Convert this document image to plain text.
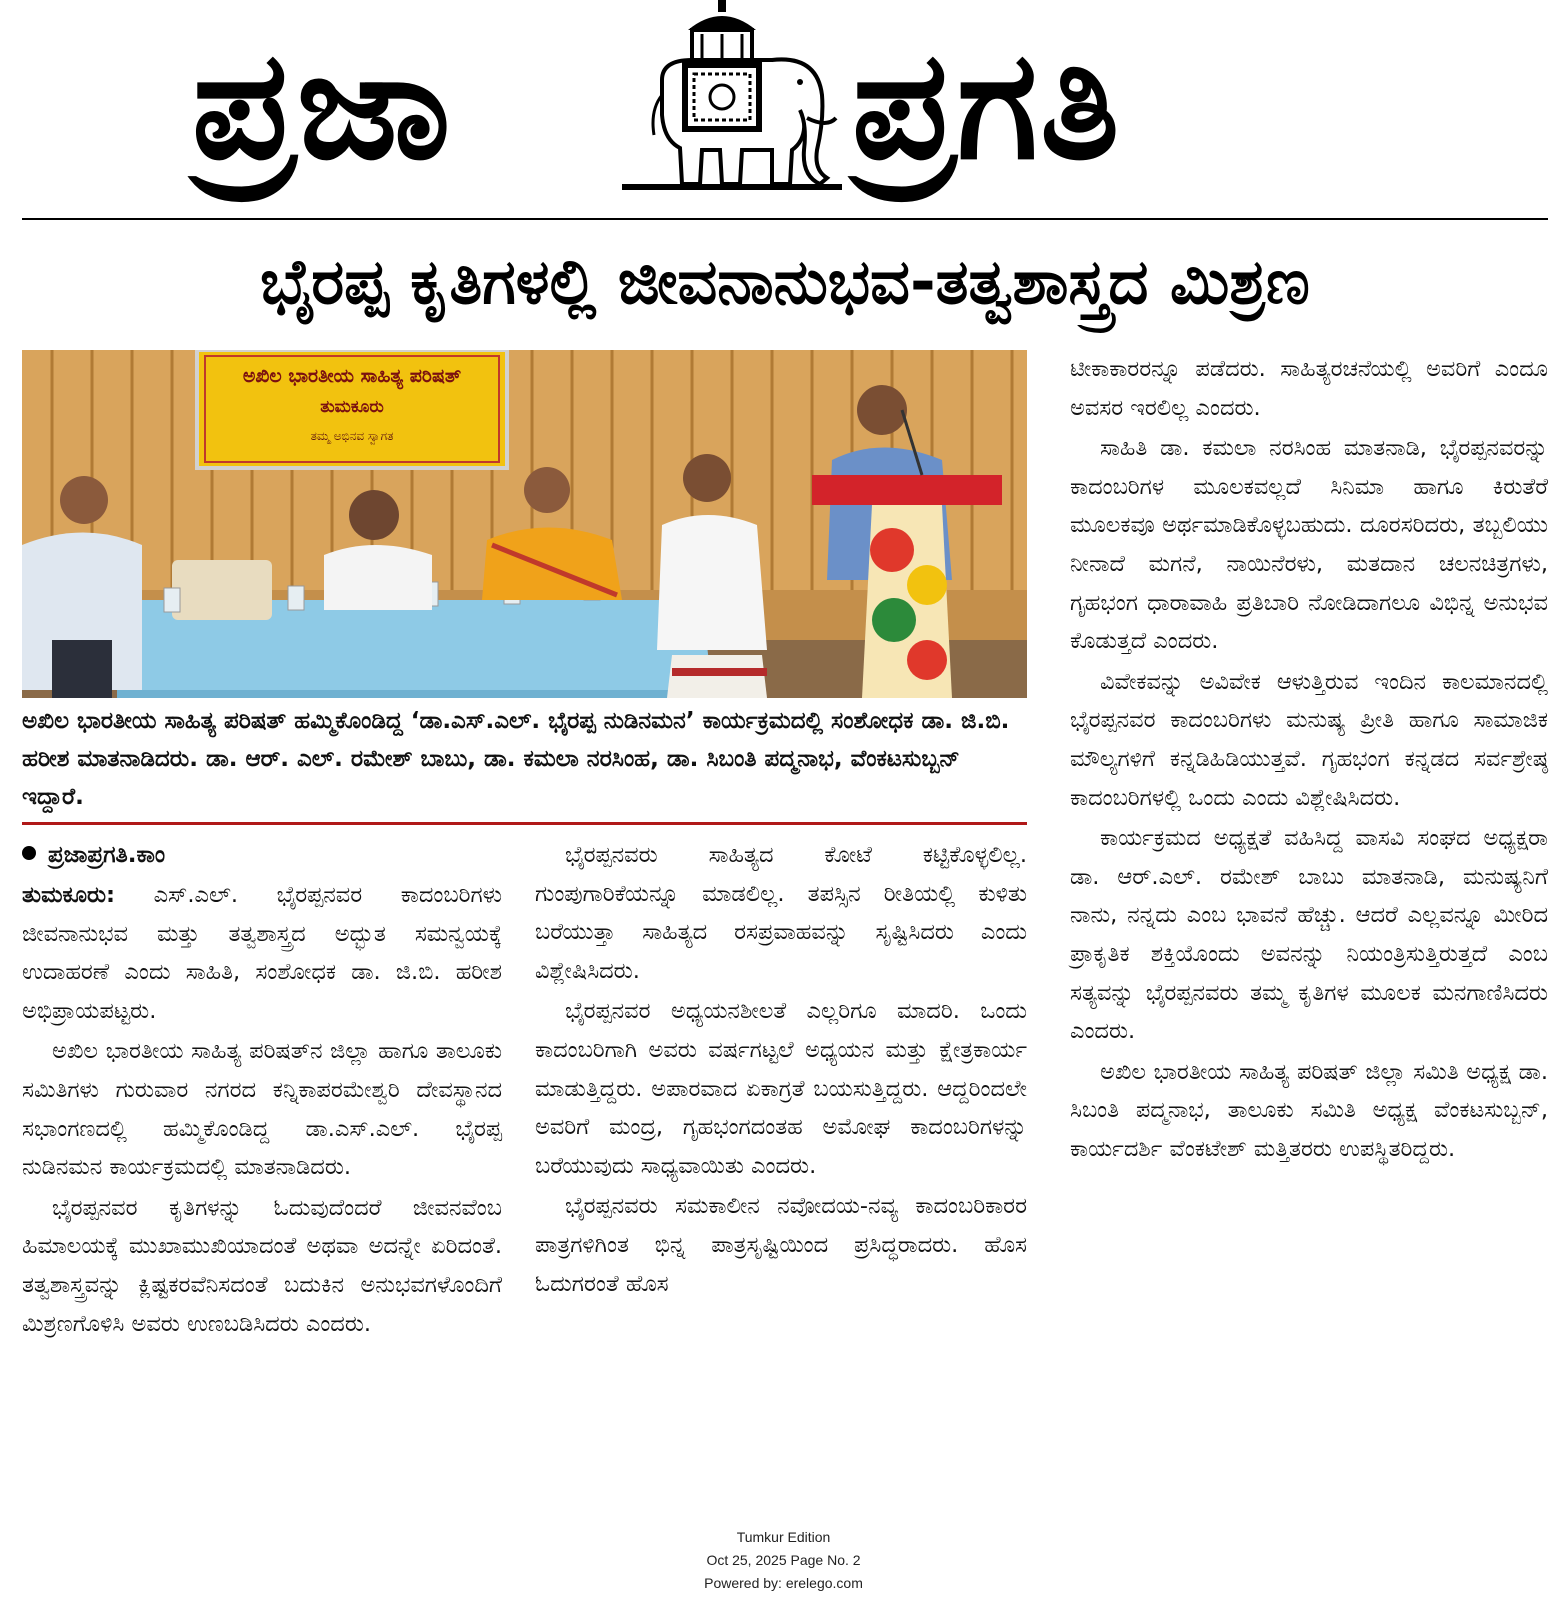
ಪ್ರಜಾ	ಪ್ರಗತಿ
ಭೈರಪ್ಪ ಕೃತಿಗಳಲ್ಲಿ ಜೀವನಾನುಭವ-ತತ್ವಶಾಸ್ತ್ರದ ಮಿಶ್ರಣ
ಅಖಿಲ ಭಾರತೀಯ ಸಾಹಿತ್ಯ ಪರಿಷತ್
ತುಮಕೂರು
ತಮ್ಮ ಅಭಿನವ ಸ್ವಾಗತ
ಅಖಿಲ ಭಾರತೀಯ ಸಾಹಿತ್ಯ ಪರಿಷತ್ ಹಮ್ಮಿಕೊಂಡಿದ್ದ ‘ಡಾ.ಎಸ್.ಎಲ್. ಭೈರಪ್ಪ ನುಡಿನಮನ’ ಕಾರ್ಯಕ್ರಮದಲ್ಲಿ ಸಂಶೋಧಕ ಡಾ. ಜಿ.ಬಿ. ಹರೀಶ ಮಾತನಾಡಿದರು. ಡಾ. ಆರ್. ಎಲ್. ರಮೇಶ್ ಬಾಬು, ಡಾ. ಕಮಲಾ ನರಸಿಂಹ, ಡಾ. ಸಿಬಂತಿ ಪದ್ಮನಾಭ, ವೆಂಕಟಸುಬ್ಬನ್ ಇದ್ದಾರೆ.
ಪ್ರಜಾಪ್ರಗತಿ.ಕಾಂ

ತುಮಕೂರು: ಎಸ್.ಎಲ್. ಭೈರಪ್ಪನವರ ಕಾದಂಬರಿಗಳು ಜೀವನಾನುಭವ ಮತ್ತು ತತ್ವಶಾಸ್ತ್ರದ ಅದ್ಭುತ ಸಮನ್ವಯಕ್ಕೆ ಉದಾಹರಣೆ ಎಂದು ಸಾಹಿತಿ, ಸಂಶೋಧಕ ಡಾ. ಜಿ.ಬಿ. ಹರೀಶ ಅಭಿಪ್ರಾಯಪಟ್ಟರು.

ಅಖಿಲ ಭಾರತೀಯ ಸಾಹಿತ್ಯ ಪರಿಷತ್‌ನ ಜಿಲ್ಲಾ ಹಾಗೂ ತಾಲೂಕು ಸಮಿತಿಗಳು ಗುರುವಾರ ನಗರದ ಕನ್ನಿಕಾಪರಮೇಶ್ವರಿ ದೇವಸ್ಥಾನದ ಸಭಾಂಗಣದಲ್ಲಿ ಹಮ್ಮಿಕೊಂಡಿದ್ದ ಡಾ.ಎಸ್.ಎಲ್. ಭೈರಪ್ಪ ನುಡಿನಮನ ಕಾರ್ಯಕ್ರಮದಲ್ಲಿ ಮಾತನಾಡಿದರು.

ಭೈರಪ್ಪನವರ ಕೃತಿಗಳನ್ನು ಓದುವುದೆಂದರೆ ಜೀವನವೆಂಬ ಹಿಮಾಲಯಕ್ಕೆ ಮುಖಾಮುಖಿಯಾದಂತೆ ಅಥವಾ ಅದನ್ನೇ ಏರಿದಂತೆ. ತತ್ವಶಾಸ್ತ್ರವನ್ನು ಕ್ಲಿಷ್ಟಕರವೆನಿಸದಂತೆ ಬದುಕಿನ ಅನುಭವಗಳೊಂದಿಗೆ ಮಿಶ್ರಣಗೊಳಿಸಿ ಅವರು ಉಣಬಡಿಸಿದರು ಎಂದರು.

ಭೈರಪ್ಪನವರು ಸಾಹಿತ್ಯದ ಕೋಟೆ ಕಟ್ಟಿಕೊಳ್ಳಲಿಲ್ಲ. ಗುಂಪುಗಾರಿಕೆಯನ್ನೂ ಮಾಡಲಿಲ್ಲ. ತಪಸ್ಸಿನ ರೀತಿಯಲ್ಲಿ ಕುಳಿತು ಬರೆಯುತ್ತಾ ಸಾಹಿತ್ಯದ ರಸಪ್ರವಾಹವನ್ನು ಸೃಷ್ಟಿಸಿದರು ಎಂದು ವಿಶ್ಲೇಷಿಸಿದರು.

ಭೈರಪ್ಪನವರ ಅಧ್ಯಯನಶೀಲತೆ ಎಲ್ಲರಿಗೂ ಮಾದರಿ. ಒಂದು ಕಾದಂಬರಿಗಾಗಿ ಅವರು ವರ್ಷಗಟ್ಟಲೆ ಅಧ್ಯಯನ ಮತ್ತು ಕ್ಷೇತ್ರಕಾರ್ಯ ಮಾಡುತ್ತಿದ್ದರು. ಅಪಾರವಾದ ಏಕಾಗ್ರತೆ ಬಯಸುತ್ತಿದ್ದರು. ಆದ್ದರಿಂದಲೇ ಅವರಿಗೆ ಮಂದ್ರ, ಗೃಹಭಂಗದಂತಹ ಅಮೋಘ ಕಾದಂಬರಿಗಳನ್ನು ಬರೆಯುವುದು ಸಾಧ್ಯವಾಯಿತು ಎಂದರು.

ಭೈರಪ್ಪನವರು ಸಮಕಾಲೀನ ನವೋದಯ-ನವ್ಯ ಕಾದಂಬರಿಕಾರರ ಪಾತ್ರಗಳಿಗಿಂತ ಭಿನ್ನ ಪಾತ್ರಸೃಷ್ಟಿಯಿಂದ ಪ್ರಸಿದ್ಧರಾದರು. ಹೊಸ ಓದುಗರಂತೆ ಹೊಸ

ಟೀಕಾಕಾರರನ್ನೂ ಪಡೆದರು. ಸಾಹಿತ್ಯರಚನೆಯಲ್ಲಿ ಅವರಿಗೆ ಎಂದೂ ಅವಸರ ಇರಲಿಲ್ಲ ಎಂದರು.

ಸಾಹಿತಿ ಡಾ. ಕಮಲಾ ನರಸಿಂಹ ಮಾತನಾಡಿ, ಭೈರಪ್ಪನವರನ್ನು ಕಾದಂಬರಿಗಳ ಮೂಲಕವಲ್ಲದೆ ಸಿನಿಮಾ ಹಾಗೂ ಕಿರುತೆರೆ ಮೂಲಕವೂ ಅರ್ಥಮಾಡಿಕೊಳ್ಳಬಹುದು. ದೂರಸರಿದರು, ತಬ್ಬಲಿಯು ನೀನಾದೆ ಮಗನೆ, ನಾಯಿನೆರಳು, ಮತದಾನ ಚಲನಚಿತ್ರಗಳು, ಗೃಹಭಂಗ ಧಾರಾವಾಹಿ ಪ್ರತಿಬಾರಿ ನೋಡಿದಾಗಲೂ ವಿಭಿನ್ನ ಅನುಭವ ಕೊಡುತ್ತದೆ ಎಂದರು.

ವಿವೇಕವನ್ನು ಅವಿವೇಕ ಆಳುತ್ತಿರುವ ಇಂದಿನ ಕಾಲಮಾನದಲ್ಲಿ ಭೈರಪ್ಪನವರ ಕಾದಂಬರಿಗಳು ಮನುಷ್ಯ ಪ್ರೀತಿ ಹಾಗೂ ಸಾಮಾಜಿಕ ಮೌಲ್ಯಗಳಿಗೆ ಕನ್ನಡಿಹಿಡಿಯುತ್ತವೆ. ಗೃಹಭಂಗ ಕನ್ನಡದ ಸರ್ವಶ್ರೇಷ್ಠ ಕಾದಂಬರಿಗಳಲ್ಲಿ ಒಂದು ಎಂದು ವಿಶ್ಲೇಷಿಸಿದರು.

ಕಾರ್ಯಕ್ರಮದ ಅಧ್ಯಕ್ಷತೆ ವಹಿಸಿದ್ದ ವಾಸವಿ ಸಂಘದ ಅಧ್ಯಕ್ಷರಾ ಡಾ. ಆರ್.ಎಲ್. ರಮೇಶ್ ಬಾಬು ಮಾತನಾಡಿ, ಮನುಷ್ಯನಿಗೆ ನಾನು, ನನ್ನದು ಎಂಬ ಭಾವನೆ ಹೆಚ್ಚು. ಆದರೆ ಎಲ್ಲವನ್ನೂ ಮೀರಿದ ಪ್ರಾಕೃತಿಕ ಶಕ್ತಿಯೊಂದು ಅವನನ್ನು ನಿಯಂತ್ರಿಸುತ್ತಿರುತ್ತದೆ ಎಂಬ ಸತ್ಯವನ್ನು ಭೈರಪ್ಪನವರು ತಮ್ಮ ಕೃತಿಗಳ ಮೂಲಕ ಮನಗಾಣಿಸಿದರು ಎಂದರು.

ಅಖಿಲ ಭಾರತೀಯ ಸಾಹಿತ್ಯ ಪರಿಷತ್ ಜಿಲ್ಲಾ ಸಮಿತಿ ಅಧ್ಯಕ್ಷ ಡಾ. ಸಿಬಂತಿ ಪದ್ಮನಾಭ, ತಾಲೂಕು ಸಮಿತಿ ಅಧ್ಯಕ್ಷ ವೆಂಕಟಸುಬ್ಬನ್, ಕಾರ್ಯದರ್ಶಿ ವೆಂಕಟೇಶ್ ಮತ್ತಿತರರು ಉಪಸ್ಥಿತರಿದ್ದರು.

Tumkur Edition
Oct 25, 2025 Page No. 2
Powered by: erelego.com
